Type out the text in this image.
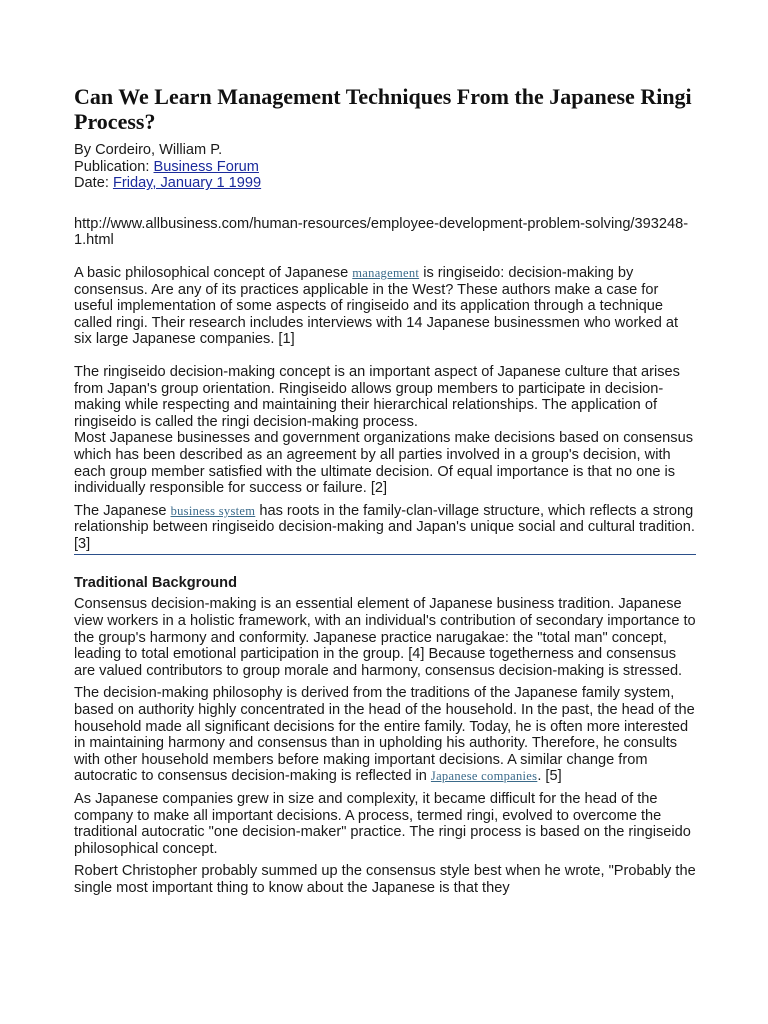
Can We Learn Management Techniques From the Japanese Ringi Process?

By Cordeiro, William P.

Publication: Business Forum

Date: Friday, January 1 1999

http://www.allbusiness.com/human-resources/employee-development-problem-solving/393248-1.html

A basic philosophical concept of Japanese management is ringiseido: decision-making by consensus. Are any of its practices applicable in the West? These authors make a case for useful implementation of some aspects of ringiseido and its application through a technique called ringi. Their research includes interviews with 14 Japanese businessmen who worked at six large Japanese companies. [1]

The ringiseido decision-making concept is an important aspect of Japanese culture that arises from Japan's group orientation. Ringiseido allows group members to participate in decision-making while respecting and maintaining their hierarchical relationships. The application of ringiseido is called the ringi decision-making process.

Most Japanese businesses and government organizations make decisions based on consensus which has been described as an agreement by all parties involved in a group's decision, with each group member satisfied with the ultimate decision. Of equal importance is that no one is individually responsible for success or failure. [2]

The Japanese business system has roots in the family-clan-village structure, which reflects a strong relationship between ringiseido decision-making and Japan's unique social and cultural tradition. [3]

Traditional Background

Consensus decision-making is an essential element of Japanese business tradition. Japanese view workers in a holistic framework, with an individual's contribution of secondary importance to the group's harmony and conformity. Japanese practice narugakae: the "total man" concept, leading to total emotional participation in the group. [4] Because togetherness and consensus are valued contributors to group morale and harmony, consensus decision-making is stressed.

The decision-making philosophy is derived from the traditions of the Japanese family system, based on authority highly concentrated in the head of the household. In the past, the head of the household made all significant decisions for the entire family. Today, he is often more interested in maintaining harmony and consensus than in upholding his authority. Therefore, he consults with other household members before making important decisions. A similar change from autocratic to consensus decision-making is reflected in Japanese companies. [5]

As Japanese companies grew in size and complexity, it became difficult for the head of the company to make all important decisions. A process, termed ringi, evolved to overcome the traditional autocratic "one decision-maker" practice. The ringi process is based on the ringiseido philosophical concept.

Robert Christopher probably summed up the consensus style best when he wrote, "Probably the single most important thing to know about the Japanese is that they
